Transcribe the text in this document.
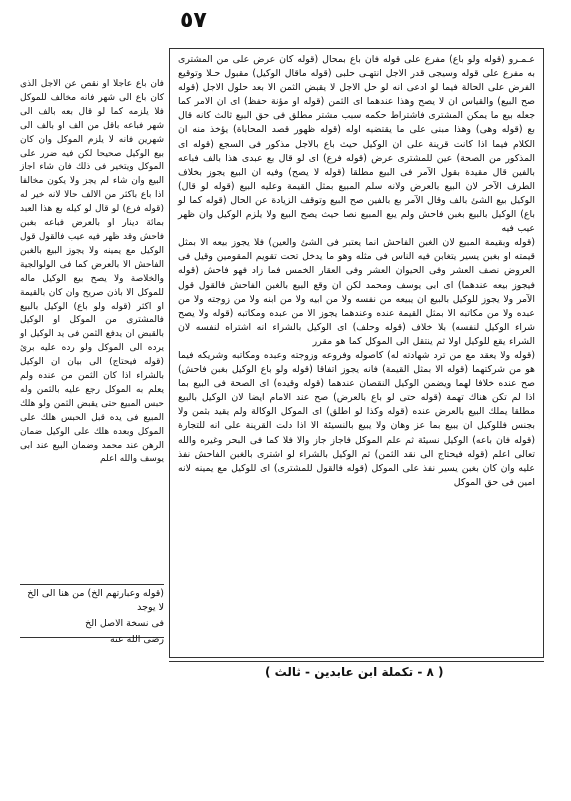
٥٧

عـمـرو (قوله ولو باع) مفرع على قوله فان باع بمحال (قوله كان عرض على من المشترى به مفرع على قوله وسيجى قدر الاجل انتهـى حلبى (قوله ماقال الوكيل) مقبول حـلا وتوقيع الفرض على الحالة فيما لو ادعى انه لو حل الاجل لا يقبض الثمن الا بعد حلول الاجل (قوله صح البيع) والقياس ان لا يصح وهذا عندهما اى الثمن (قوله او مؤنة حفظ) اى ان الامر كما جعله بيع ما يمكن المشترى فاشتراط حكمه سبب مشتر مطلق فى حق البيع ثالث كانه قال بع (قوله وهى) وهذا مبنى على ما يقتضيه اوله (قوله ظهور قصد المحاباة) يؤخذ منه ان الكلام فيما اذا كانت قرينة على ان الوكيل حيث باع بالاجل مذكور فى السجع (قوله اى المذكور من الصحة) عين للمشترى عرض (قوله فرع) اى لو قال بع عبدى هذا بالف فباعه بالفين قال مقيدة بقول الآمر فى البيع مطلقا (قوله لا يصح) وفيه ان البيع يجوز بخلاف الطرف الآخر لان البيع بالعرض ولانه سلم المبيع بمثل القيمة وعليه البيع (قوله لو قال) الوكيل بيع الشئ بالف وقال الآمر بع بالفين صح البيع وتوقف الزيادة عن الحال (قوله كما لو باع) الوكيل بالبيع بغبن فاحش ولم يبع المبيع نصا حيث يصح البيع ولا يلزم الوكيل وان ظهر عيب فيه

(قوله وبقيمة المبيع لان الغبن الفاحش انما يعتبر فى الشئ والعين) فلا يجوز بيعه الا بمثل قيمته او بغبن يسير يتغابن فيه الناس فى مثله وهو ما يدخل تحت تقويم المقومين وقيل فى العروض نصف العشر وفى الحيوان العشر وفى العقار الخمس فما زاد فهو فاحش (قوله فيجوز بيعه عندهما) اى ابى يوسف ومحمد لكن ان وقع البيع بالغبن الفاحش فالقول قول الآمر ولا يجوز للوكيل بالبيع ان يبيعه من نفسه ولا من ابيه ولا من ابنه ولا من زوجته ولا من عبده ولا من مكاتبه الا بمثل القيمة عنده وعندهما يجوز الا من عبده ومكاتبه (قوله ولا يصح شراء الوكيل لنفسه) بلا خلاف (قوله وحلف) اى الوكيل بالشراء انه اشتراه لنفسه لان الشراء يقع للوكيل اولا ثم ينتقل الى الموكل كما هو مقرر

(قوله ولا يعقد مع من ترد شهادته له) كاصوله وفروعه وزوجته وعبده ومكاتبه وشريكه فيما هو من شركتهما (قوله الا بمثل القيمة) فانه يجوز اتفاقا (قوله ولو باع الوكيل بغبن فاحش) صح عنده خلافا لهما ويضمن الوكيل النقصان عندهما (قوله وقيده) اى الصحة فى البيع بما اذا لم تكن هناك تهمة (قوله حتى لو باع بالعرض) صح عند الامام ايضا لان الوكيل بالبيع مطلقا يملك البيع بالعرض عنده (قوله وكذا لو اطلق) اى الموكل الوكالة ولم يقيد بثمن ولا بجنس فللوكيل ان يبيع بما عز وهان ولا يبيع بالنسيئة الا اذا دلت القرينة على انه للتجارة (قوله فان باعه) الوكيل نسيئة ثم علم الموكل فاجاز جاز والا فلا كما فى البحر وغيره والله تعالى اعلم (قوله فيحتاج الى نقد الثمن) ثم الوكيل بالشراء لو اشترى بالغبن الفاحش نفذ عليه وان كان بغبن يسير نفذ على الموكل (قوله فالقول للمشترى) اى للوكيل مع يمينه لانه امين فى حق الموكل

فان باع عاجلا او نقص عن الاجل الذى كان باع الى شهر فانه مخالف للموكل فلا يلزمه كما لو قال بعه بالف الى شهر فباعه باقل من الف او بالف الى شهرين فانه لا يلزم الموكل وان كان بيع الوكيل صحيحا لكن فيه ضرر على الموكل ويتخير فى ذلك فان شاء اجاز البيع وان شاء لم يجز ولا يكون مخالفا اذا باع باكثر من الالف حالا لانه خير له (قوله فرع) لو قال لو كيله بع هذا العبد بمائة دينار او بالعرض فباعه بغبن فاحش وقد ظهر فيه عيب فالقول قول الوكيل مع يمينه ولا يجوز البيع بالغبن الفاحش الا بالعرض كما فى الولوالجية والخلاصة ولا يصح بيع الوكيل ماله للموكل الا باذن صريح وان كان بالقيمة او اكثر (قوله ولو باع) الوكيل بالبيع فالمشترى من الموكل او الوكيل بالقبض ان يدفع الثمن فى يد الوكيل او يرده الى الموكل ولو رده عليه برئ (قوله فيحتاج) الى بيان ان الوكيل بالشراء اذا كان الثمن من عنده ولم يعلم به الموكل رجع عليه بالثمن وله حبس المبيع حتى يقبض الثمن ولو هلك المبيع فى يده قبل الحبس هلك على الموكل وبعده هلك على الوكيل ضمان الرهن عند محمد وضمان البيع عند ابى يوسف والله اعلم

(قوله وعبارتهم الخ) من هنا الى الخ لا يوجد

فى نسخة الاصل الخ

رضى الله عنه

( ٨ - تكملة ابن عابدين - ثالث )
